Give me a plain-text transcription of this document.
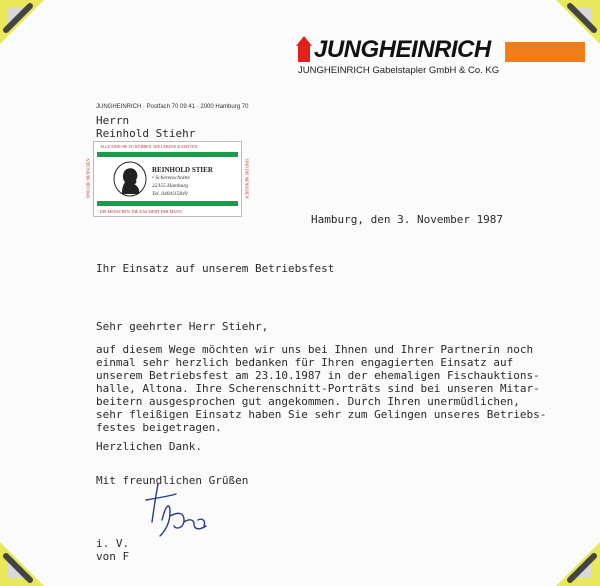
JUNGHEINRICH
JUNGHEINRICH Gabelstapler GmbH & Co. KG
JUNGHEINRICH · Postfach 70 09 41 · 2000 Hamburg 70
Herrn
Reinhold Stiehr
ALLE SIND SIE ZU RÜHREN, DIE LEBENS SCHATTEN
DIE MENSCHEN, DIE DAS SIEHT DER MANN
SIND DIE MENSCHEN	SIND DIE MENSCHEN
REINHOLD STIER
• Scherenschnitte
22355 Hamburg
Tel. 040/615849
Hamburg, den 3. November 1987
Ihr Einsatz auf unserem Betriebsfest
Sehr geehrter Herr Stiehr,
auf diesem Wege möchten wir uns bei Ihnen und Ihrer Partnerin noch
einmal sehr herzlich bedanken für Ihren engagierten Einsatz auf
unserem Betriebsfest am 23.10.1987 in der ehemaligen Fischauktions-
halle, Altona. Ihre Scherenschnitt-Porträts sind bei unseren Mitar-
beitern ausgesprochen gut angekommen. Durch Ihren unermüdlichen,
sehr fleißigen Einsatz haben Sie sehr zum Gelingen unseres Betriebs-
festes beigetragen.
Herzlichen Dank.
Mit freundlichen Grüßen
i. V.
von F
